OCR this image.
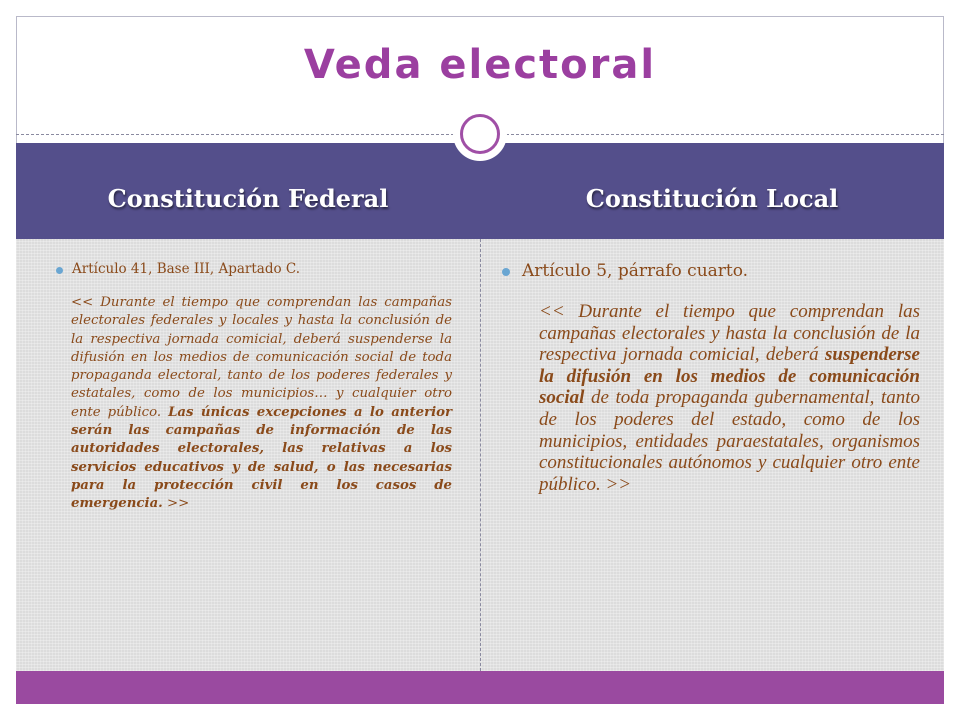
Veda electoral
Constitución Federal	Constitución Local
Artículo 41, Base III, Apartado C.
<< Durante el tiempo que comprendan las campañas electorales federales y locales y hasta la conclusión de la respectiva jornada comicial, deberá suspenderse la difusión en los medios de comunicación social de toda propaganda electoral, tanto de los poderes federales y estatales, como de los municipios… y cualquier otro ente público. Las únicas excepciones a lo anterior serán las campañas de información de las autoridades electorales, las relativas a los servicios educativos y de salud, o las necesarias para la protección civil en los casos de emergencia. >>
Artículo 5, párrafo cuarto.
<< Durante el tiempo que comprendan las campañas electorales y hasta la conclusión de la respectiva jornada comicial, deberá suspenderse la difusión en los medios de comunicación social de toda propaganda gubernamental, tanto de los poderes del estado, como de los municipios, entidades paraestatales, organismos constitucionales autónomos y cualquier otro ente público. >>
